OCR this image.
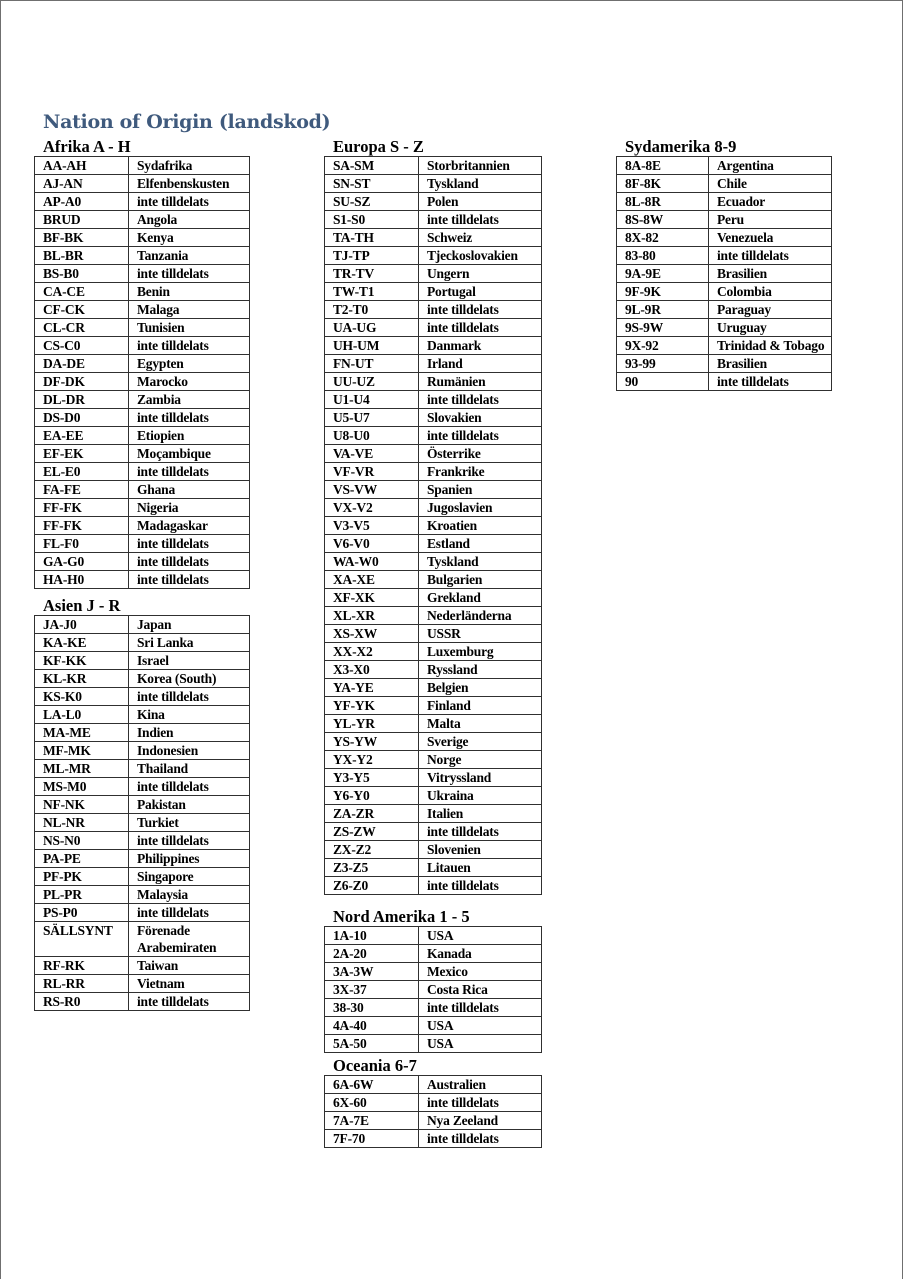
Nation of Origin (landskod)
Afrika A - H
AA-AH	Sydafrika
AJ-AN	Elfenbenskusten
AP-A0	inte tilldelats
BRUD	Angola
BF-BK	Kenya
BL-BR	Tanzania
BS-B0	inte tilldelats
CA-CE	Benin
CF-CK	Malaga
CL-CR	Tunisien
CS-C0	inte tilldelats
DA-DE	Egypten
DF-DK	Marocko
DL-DR	Zambia
DS-D0	inte tilldelats
EA-EE	Etiopien
EF-EK	Moçambique
EL-E0	inte tilldelats
FA-FE	Ghana
FF-FK	Nigeria
FF-FK	Madagaskar
FL-F0	inte tilldelats
GA-G0	inte tilldelats
HA-H0	inte tilldelats
Asien J - R
JA-J0	Japan
KA-KE	Sri Lanka
KF-KK	Israel
KL-KR	Korea (South)
KS-K0	inte tilldelats
LA-L0	Kina
MA-ME	Indien
MF-MK	Indonesien
ML-MR	Thailand
MS-M0	inte tilldelats
NF-NK	Pakistan
NL-NR	Turkiet
NS-N0	inte tilldelats
PA-PE	Philippines
PF-PK	Singapore
PL-PR	Malaysia
PS-P0	inte tilldelats
SÄLLSYNT	Förenade Arabemiraten
RF-RK	Taiwan
RL-RR	Vietnam
RS-R0	inte tilldelats
Europa S - Z
SA-SM	Storbritannien
SN-ST	Tyskland
SU-SZ	Polen
S1-S0	inte tilldelats
TA-TH	Schweiz
TJ-TP	Tjeckoslovakien
TR-TV	Ungern
TW-T1	Portugal
T2-T0	inte tilldelats
UA-UG	inte tilldelats
UH-UM	Danmark
FN-UT	Irland
UU-UZ	Rumänien
U1-U4	inte tilldelats
U5-U7	Slovakien
U8-U0	inte tilldelats
VA-VE	Österrike
VF-VR	Frankrike
VS-VW	Spanien
VX-V2	Jugoslavien
V3-V5	Kroatien
V6-V0	Estland
WA-W0	Tyskland
XA-XE	Bulgarien
XF-XK	Grekland
XL-XR	Nederländerna
XS-XW	USSR
XX-X2	Luxemburg
X3-X0	Ryssland
YA-YE	Belgien
YF-YK	Finland
YL-YR	Malta
YS-YW	Sverige
YX-Y2	Norge
Y3-Y5	Vitryssland
Y6-Y0	Ukraina
ZA-ZR	Italien
ZS-ZW	inte tilldelats
ZX-Z2	Slovenien
Z3-Z5	Litauen
Z6-Z0	inte tilldelats
Nord Amerika 1 - 5
1A-10	USA
2A-20	Kanada
3A-3W	Mexico
3X-37	Costa Rica
38-30	inte tilldelats
4A-40	USA
5A-50	USA
Oceania 6-7
6A-6W	Australien
6X-60	inte tilldelats
7A-7E	Nya Zeeland
7F-70	inte tilldelats
Sydamerika 8-9
8A-8E	Argentina
8F-8K	Chile
8L-8R	Ecuador
8S-8W	Peru
8X-82	Venezuela
83-80	inte tilldelats
9A-9E	Brasilien
9F-9K	Colombia
9L-9R	Paraguay
9S-9W	Uruguay
9X-92	Trinidad & Tobago
93-99	Brasilien
90	inte tilldelats
